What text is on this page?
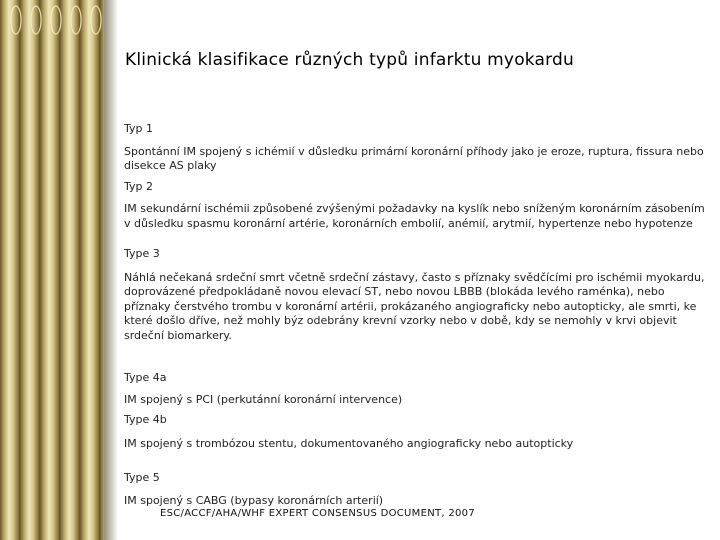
Klinická klasifikace různých typů infarktu myokardu
Typ 1
Spontánní IM spojený s ichémií v důsledku primární koronární příhody jako je eroze, ruptura, fissura nebo disekce AS plaky
Typ 2
IM sekundární ischémii způsobené zvýšenými požadavky na kyslík nebo sníženým koronárním zásobením v důsledku spasmu koronární artérie, koronárních embolií, anémií, arytmií, hypertenze nebo hypotenze
Type 3
Náhlá nečekaná srdeční smrt včetně srdeční zástavy, často s příznaky svědčícími pro ischémii myokardu, doprovázené předpokládaně novou elevací ST, nebo novou LBBB (blokáda levého raménka), nebo příznaky čerstvého trombu v koronární artérii, prokázaného angiograficky nebo autopticky, ale smrti, ke které došlo dříve, než mohly býz odebrány krevní vzorky nebo v době, kdy se nemohly v krvi objevit srdeční biomarkery.
Type 4a
IM spojený s PCI (perkutánní koronární intervence)
Type 4b
IM spojený s trombózou stentu, dokumentovaného angiograficky nebo autopticky
Type 5
IM spojený s CABG (bypasy koronárních arterií)
ESC/ACCF/AHA/WHF EXPERT CONSENSUS DOCUMENT, 2007
